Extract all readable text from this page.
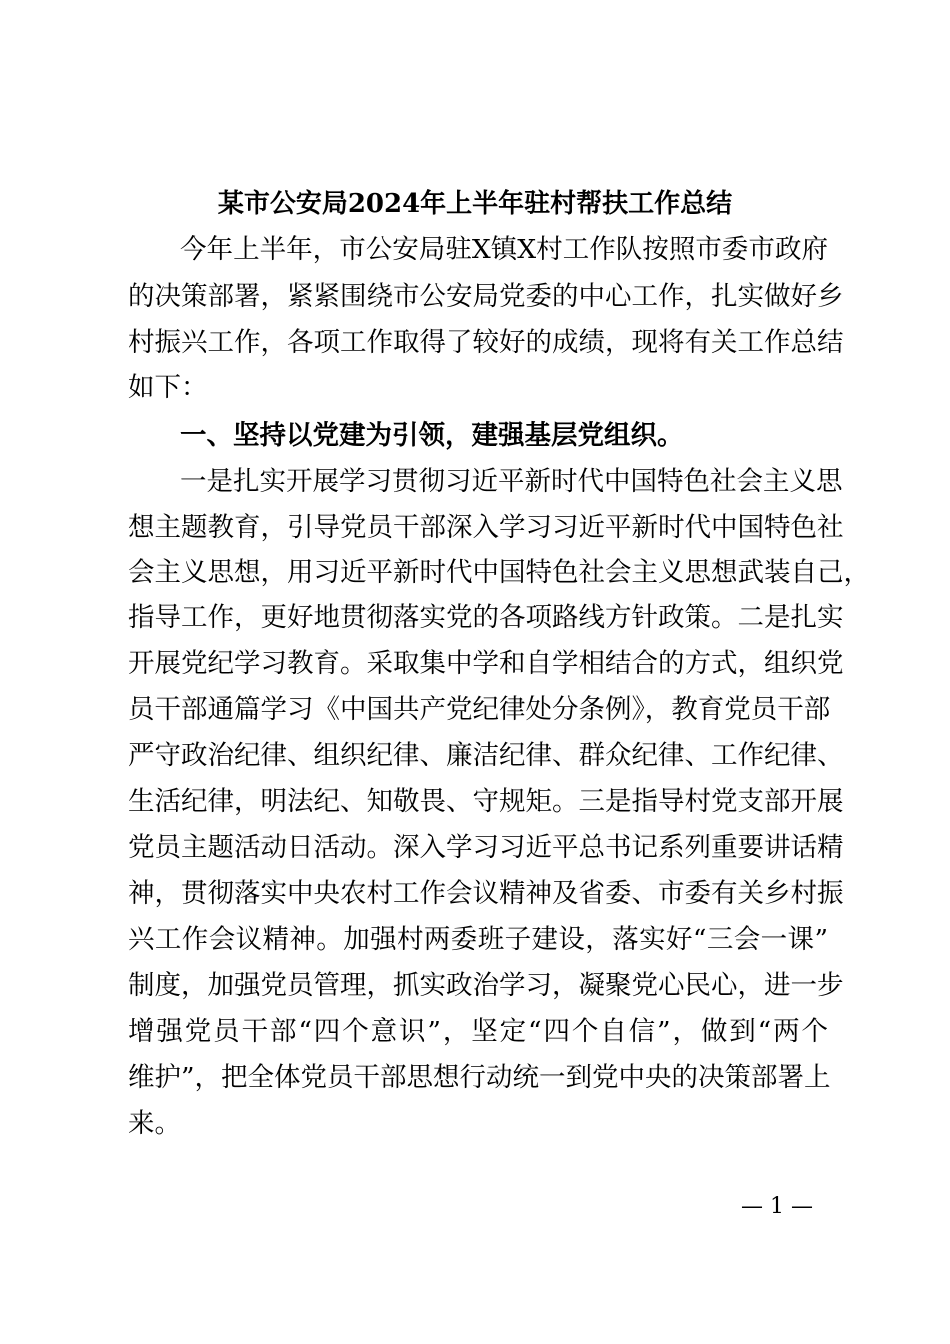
某市公安局2024年上半年驻村帮扶工作总结
今年上半年，市公安局驻X镇X村工作队按照市委市政府
的决策部署，紧紧围绕市公安局党委的中心工作，扎实做好乡
村振兴工作，各项工作取得了较好的成绩，现将有关工作总结
如下：
一、坚持以党建为引领，建强基层党组织。
一是扎实开展学习贯彻习近平新时代中国特色社会主义思
想主题教育，引导党员干部深入学习习近平新时代中国特色社
会主义思想，用习近平新时代中国特色社会主义思想武装自己，
指导工作，更好地贯彻落实党的各项路线方针政策。二是扎实
开展党纪学习教育。采取集中学和自学相结合的方式，组织党
员干部通篇学习《中国共产党纪律处分条例》，教育党员干部
严守政治纪律、组织纪律、廉洁纪律、群众纪律、工作纪律、
生活纪律，明法纪、知敬畏、守规矩。三是指导村党支部开展
党员主题活动日活动。深入学习习近平总书记系列重要讲话精
神，贯彻落实中央农村工作会议精神及省委、市委有关乡村振
兴工作会议精神。加强村两委班子建设，落实好“三会一课”
制度，加强党员管理，抓实政治学习，凝聚党心民心，进一步
增强党员干部“四个意识”，坚定“四个自信”，做到“两个
维护”，把全体党员干部思想行动统一到党中央的决策部署上
来。
— 1 —
